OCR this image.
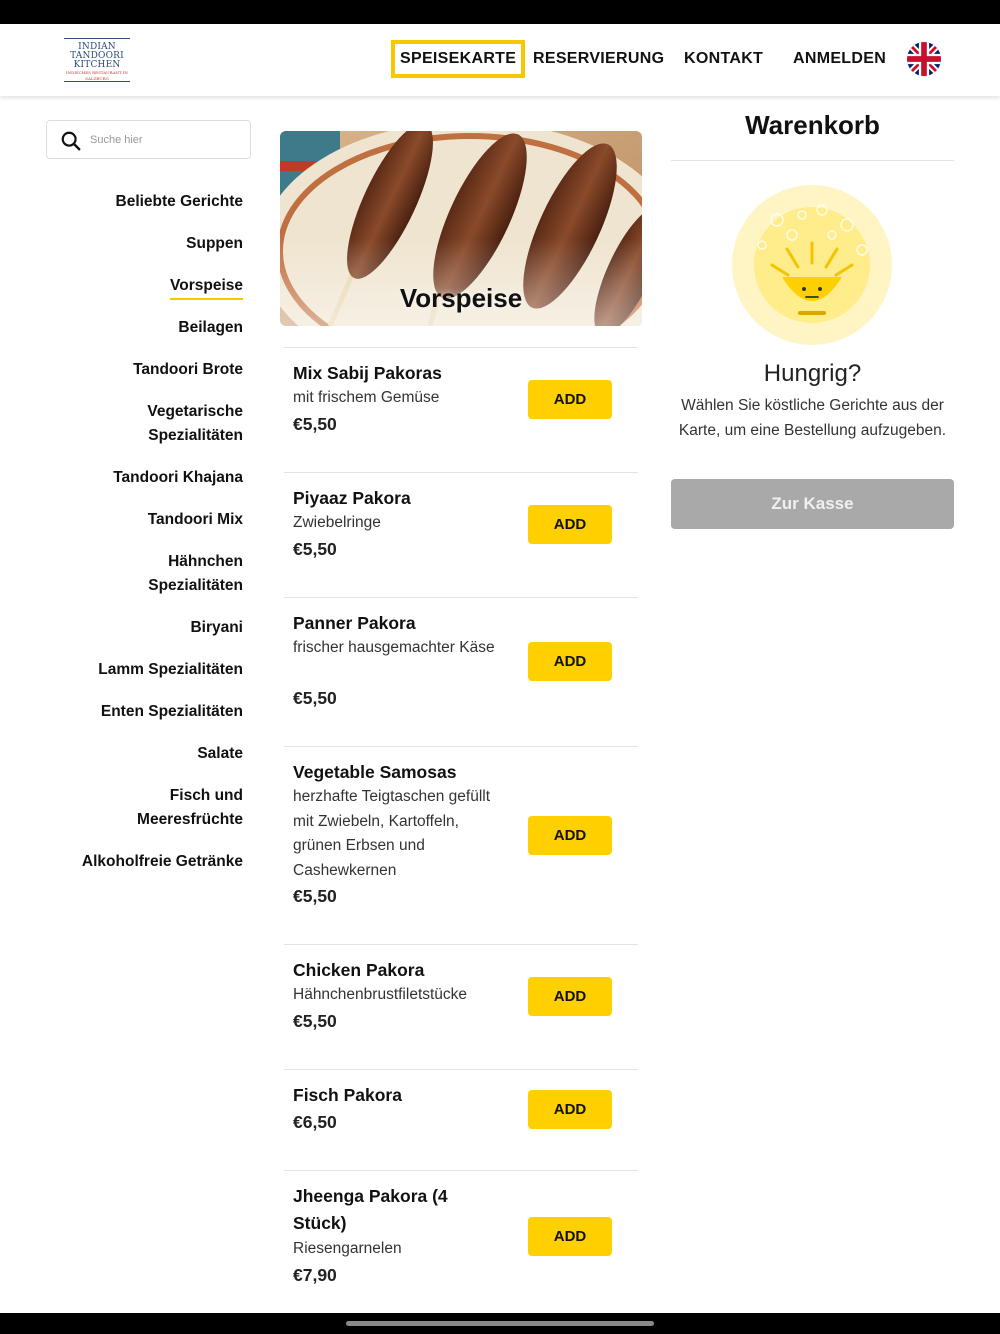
INDIAN
TANDOORI
KITCHEN
INDISCHES RESTAURANT IN SALZBURG
SPEISEKARTE	RESERVIERUNG KONTAKT ANMELDEN
Suche hier
Beliebte Gerichte
Suppen
Vorspeise
Beilagen
Tandoori Brote
Vegetarische Spezialitäten
Tandoori Khajana
Tandoori Mix
Hähnchen Spezialitäten
Biryani
Lamm Spezialitäten
Enten Spezialitäten
Salate
Fisch und Meeresfrüchte
Alkoholfreie Getränke
Vorspeise
Mix Sabij Pakoras
mit frischem Gemüse
€5,50
ADD
Piyaaz Pakora
Zwiebelringe
€5,50
ADD
Panner Pakora
frischer hausgemachter Käse
€5,50
ADD
Vegetable Samosas
herzhafte Teigtaschen gefüllt mit Zwiebeln, Kartoffeln, grünen Erbsen und Cashewkernen
€5,50
ADD
Chicken Pakora
Hähnchenbrustfiletstücke
€5,50
ADD
Fisch Pakora
€6,50
ADD
Jheenga Pakora (4 Stück)
Riesengarnelen
€7,90
ADD
Warenkorb
Hungrig?
Wählen Sie köstliche Gerichte aus der Karte, um eine Bestellung aufzugeben.
Zur Kasse
